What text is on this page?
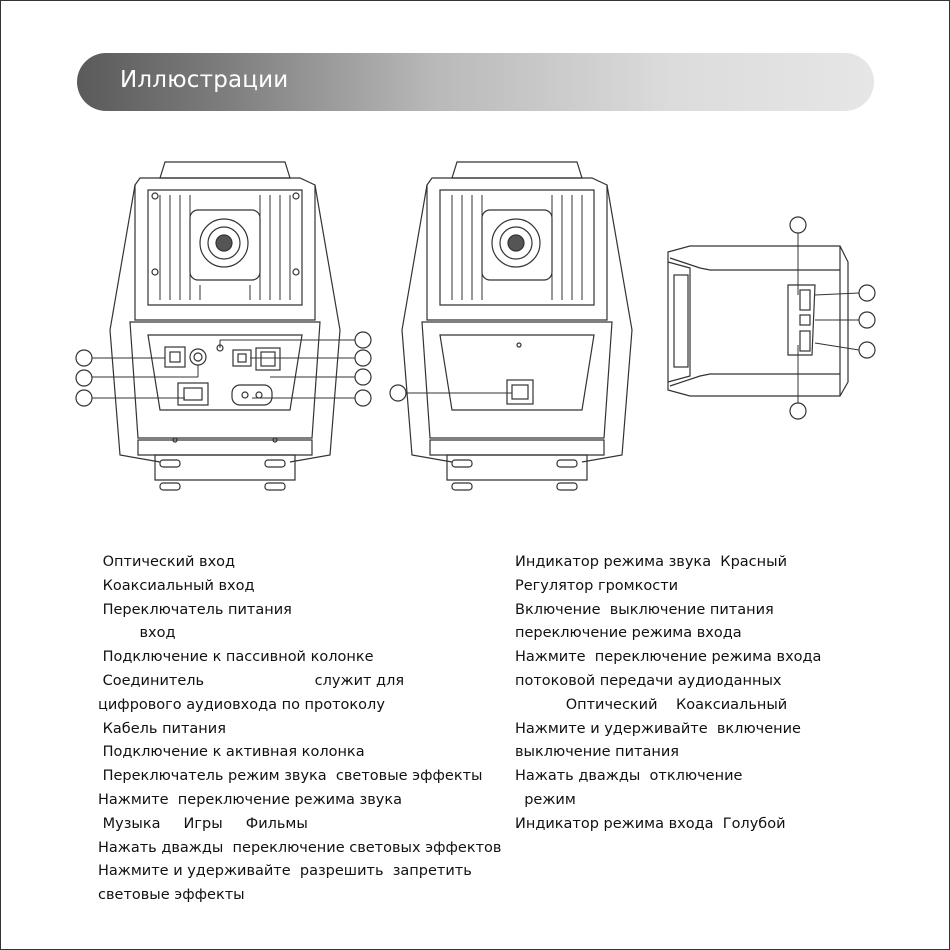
Иллюстрации
Оптический вход
Коаксиальный вход
Переключатель питания
вход
Подключение к пассивной колонке
Соединитель                        служит для
цифрового аудиовхода по протоколу
Кабель питания
Подключение к активная колонка
Переключатель режим звука  световые эффекты
Нажмите  переключение режима звука
Музыка     Игры     Фильмы
Нажать дважды  переключение световых эффектов
Нажмите и удерживайте  разрешить  запретить
световые эффекты
Индикатор режима звука  Красный
Регулятор громкости
Включение  выключение питания
переключение режима входа
Нажмите  переключение режима входа
потоковой передачи аудиоданных
Оптический    Коаксиальный
Нажмите и удерживайте  включение
выключение питания
Нажать дважды  отключение
режим
Индикатор режима входа  Голубой
